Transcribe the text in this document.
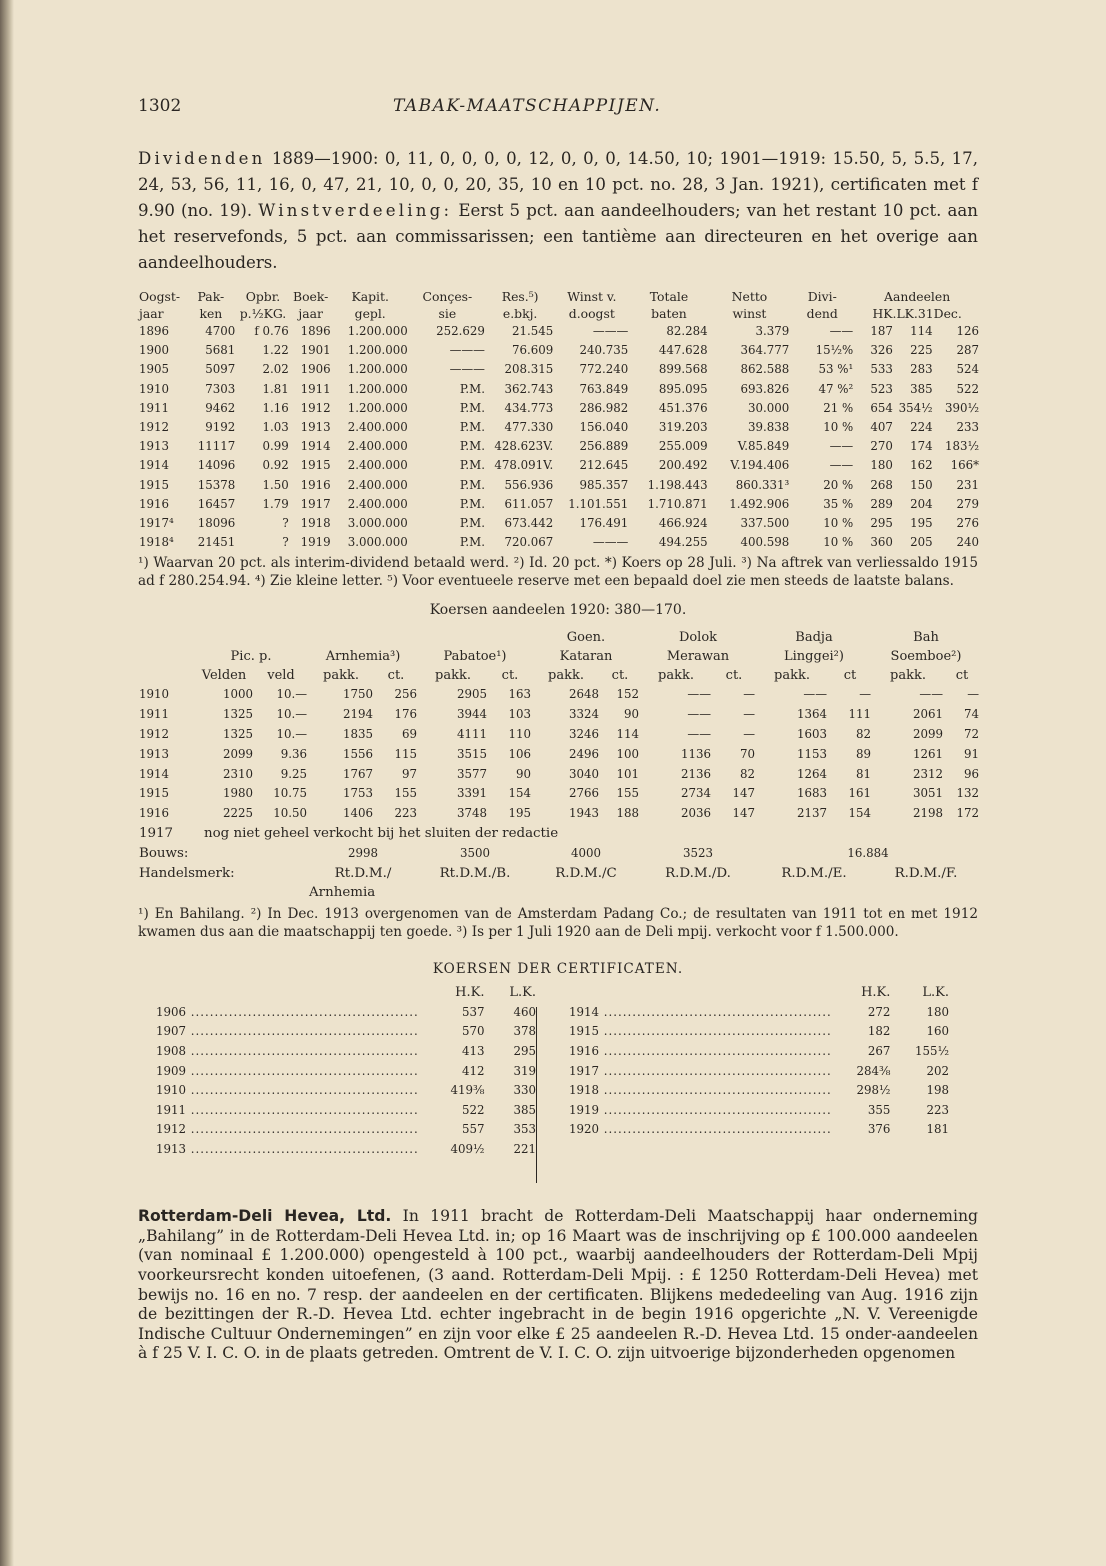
1302	TABAK-MAATSCHAPPIJEN.

Dividenden 1889—1900: 0, 11, 0, 0, 0, 0, 12, 0, 0, 0, 14.50, 10; 1901—1919: 15.50, 5, 5.5, 17, 24, 53, 56, 11, 16, 0, 47, 21, 10, 0, 0, 20, 35, 10 en 10 pct. no. 28, 3 Jan. 1921), certificaten met f 9.90 (no. 19). Winstverdeeling: Eerst 5 pct. aan aandeelhouders; van het restant 10 pct. aan het reservefonds, 5 pct. aan commissarissen; een tantième aan directeuren en het overige aan aandeelhouders.

Oogst-	Pak-	Opbr.	Boek-	Kapit.	Conçes-	Res.⁵)	Winst v.	Totale	Netto	Divi-	Aandeelen		
jaar	ken	p.½KG.	jaar	gepl.	sie	e.bkj.	d.oogst	baten	winst	dend	HK.LK.31Dec.		
1896	4700	f 0.76	1896	1.200.000	252.629	21.545	———	82.284	3.379	——	187	114	126
1900	5681	1.22	1901	1.200.000	———	76.609	240.735	447.628	364.777	15½%	326	225	287
1905	5097	2.02	1906	1.200.000	———	208.315	772.240	899.568	862.588	53 %¹	533	283	524
1910	7303	1.81	1911	1.200.000	P.M.	362.743	763.849	895.095	693.826	47 %²	523	385	522
1911	9462	1.16	1912	1.200.000	P.M.	434.773	286.982	451.376	30.000	21 %	654	354½	390½
1912	9192	1.03	1913	2.400.000	P.M.	477.330	156.040	319.203	39.838	10 %	407	224	233
1913	11117	0.99	1914	2.400.000	P.M.	428.623V.	256.889	255.009	V.85.849	——	270	174	183½
1914	14096	0.92	1915	2.400.000	P.M.	478.091V.	212.645	200.492	V.194.406	——	180	162	166*
1915	15378	1.50	1916	2.400.000	P.M.	556.936	985.357	1.198.443	860.331³	20 %	268	150	231
1916	16457	1.79	1917	2.400.000	P.M.	611.057	1.101.551	1.710.871	1.492.906	35 %	289	204	279
1917⁴	18096	?	1918	3.000.000	P.M.	673.442	176.491	466.924	337.500	10 %	295	195	276
1918⁴	21451	?	1919	3.000.000	P.M.	720.067	———	494.255	400.598	10 %	360	205	240

¹) Waarvan 20 pct. als interim-dividend betaald werd. ²) Id. 20 pct. *) Koers op 28 Juli. ³) Na aftrek van verliessaldo 1915 ad f 280.254.94. ⁴) Zie kleine letter. ⁵) Voor eventueele reserve met een bepaald doel zie men steeds de laatste balans.

Koersen aandeelen 1920: 380—170.
							Goen.		Dolok		Badja		Bah	
	Pic. p.		Arnhemia³)		Pabatoe¹)		Kataran		Merawan		Linggei²)		Soemboe²)	
	Velden	veld	pakk.	ct.	pakk.	ct.	pakk.	ct.	pakk.	ct.	pakk.	ct	pakk.	ct
1910	1000	10.—	1750	256	2905	163	2648	152	——	—	——	—	——	—
1911	1325	10.—	2194	176	3944	103	3324	90	——	—	1364	111	2061	74
1912	1325	10.—	1835	69	4111	110	3246	114	——	—	1603	82	2099	72
1913	2099	9.36	1556	115	3515	106	2496	100	1136	70	1153	89	1261	91
1914	2310	9.25	1767	97	3577	90	3040	101	2136	82	1264	81	2312	96
1915	1980	10.75	1753	155	3391	154	2766	155	2734	147	1683	161	3051	132
1916	2225	10.50	1406	223	3748	195	1943	188	2036	147	2137	154	2198	172
1917	nog niet geheel verkocht bij het sluiten der redactie													
Bouws:			2998		3500		4000		3523		16.884			
Handelsmerk:			Rt.D.M./		Rt.D.M./B.		R.D.M./C		R.D.M./D.		R.D.M./E.		R.D.M./F.	
			Arnhemia											

¹) En Bahilang. ²) In Dec. 1913 overgenomen van de Amsterdam Padang Co.; de resultaten van 1911 tot en met 1912 kwamen dus aan die maatschappij ten goede. ³) Is per 1 Juli 1920 aan de Deli mpij. verkocht voor f 1.500.000.

KOERSEN DER CERTIFICATEN.
	H.K.	L.K.
1906 ................................................	537	460
1907 ................................................	570	378
1908 ................................................	413	295
1909 ................................................	412	319
1910 ................................................	419⅜	330
1911 ................................................	522	385
1912 ................................................	557	353
1913 ................................................	409½	221
	H.K.	L.K.
1914 ................................................	272	180
1915 ................................................	182	160
1916 ................................................	267	155½
1917 ................................................	284⅜	202
1918 ................................................	298½	198
1919 ................................................	355	223
1920 ................................................	376	181

Rotterdam-Deli Hevea, Ltd. In 1911 bracht de Rotterdam-Deli Maatschappij haar onderneming „Bahilang” in de Rotterdam-Deli Hevea Ltd. in; op 16 Maart was de inschrijving op £ 100.000 aandeelen (van nominaal £ 1.200.000) opengesteld à 100 pct., waarbij aandeelhouders der Rotterdam-Deli Mpij voorkeursrecht konden uitoefenen, (3 aand. Rotterdam-Deli Mpij. : £ 1250 Rotterdam-Deli Hevea) met bewijs no. 16 en no. 7 resp. der aandeelen en der certificaten. Blijkens mededeeling van Aug. 1916 zijn de bezittingen der R.-D. Hevea Ltd. echter ingebracht in de begin 1916 opgerichte „N. V. Vereenigde Indische Cultuur Ondernemingen” en zijn voor elke £ 25 aandeelen R.-D. Hevea Ltd. 15 onder-aandeelen à f 25 V. I. C. O. in de plaats getreden. Omtrent de V. I. C. O. zijn uitvoerige bijzonderheden opgenomen
